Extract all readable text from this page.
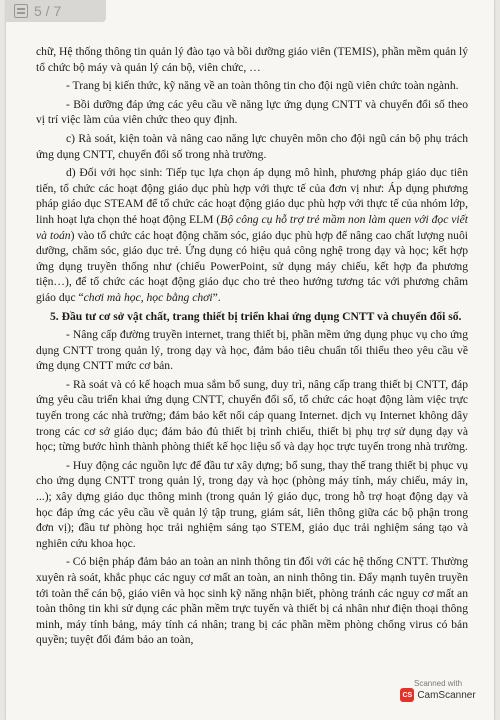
5 / 7

chữ, Hệ thống thông tin quản lý đào tạo và bồi dưỡng giáo viên (TEMIS), phần mềm quản lý tổ chức bộ máy và quản lý cán bộ, viên chức, …

- Trang bị kiến thức, kỹ năng về an toàn thông tin cho đội ngũ viên chức toàn ngành.

- Bồi dưỡng đáp ứng các yêu cầu về năng lực ứng dụng CNTT và chuyển đổi số theo vị trí việc làm của viên chức theo quy định.

c) Rà soát, kiện toàn và nâng cao năng lực chuyên môn cho đội ngũ cán bộ phụ trách ứng dụng CNTT, chuyển đổi số trong nhà trường.

d) Đối với học sinh: Tiếp tục lựa chọn áp dụng mô hình, phương pháp giáo dục tiên tiến, tổ chức các hoạt động giáo dục phù hợp với thực tế của đơn vị như: Áp dụng phương pháp giáo dục STEAM để tổ chức các hoạt động giáo dục phù hợp với thực tế của nhóm lớp, linh hoạt lựa chọn thẻ hoạt động ELM (Bộ công cụ hỗ trợ trẻ mầm non làm quen với đọc viết và toán) vào tổ chức các hoạt động chăm sóc, giáo dục phù hợp để nâng cao chất lượng nuôi dưỡng, chăm sóc, giáo dục trẻ. Ứng dụng có hiệu quả công nghệ trong dạy và học; kết hợp ứng dụng truyền thống như (chiếu PowerPoint, sử dụng máy chiếu, kết hợp đa phương tiện…), để tổ chức các hoạt động giáo dục cho trẻ theo hướng tương tác với phương châm giáo dục “chơi mà học, học bằng chơi”.

5. Đầu tư cơ sở vật chất, trang thiết bị triển khai ứng dụng CNTT và chuyển đổi số.

- Nâng cấp đường truyền internet, trang thiết bị, phần mềm ứng dụng phục vụ cho ứng dụng CNTT trong quản lý, trong dạy và học, đảm bảo tiêu chuẩn tối thiểu theo yêu cầu về ứng dụng CNTT mức cơ bản.

- Rà soát và có kế hoạch mua sắm bổ sung, duy trì, nâng cấp trang thiết bị CNTT, đáp ứng yêu cầu triển khai ứng dụng CNTT, chuyển đổi số, tổ chức các hoạt động làm việc trực tuyến trong các nhà trường; đảm bảo kết nối cáp quang Internet. dịch vụ Internet không dây trong các cơ sở giáo dục; đảm bảo đủ thiết bị trình chiếu, thiết bị phụ trợ sử dụng dạy và học; từng bước hình thành phòng thiết kế học liệu số và dạy học trực tuyến trong nhà trường.

- Huy động các nguồn lực để đầu tư xây dựng; bổ sung, thay thế trang thiết bị phục vụ cho ứng dụng CNTT trong quản lý, trong dạy và học (phòng máy tính, máy chiếu, máy in, ...); xây dựng giáo dục thông minh (trong quản lý giáo dục, trong hỗ trợ hoạt động dạy và học đáp ứng các yêu cầu về quản lý tập trung, giám sát, liên thông giữa các bộ phận trong đơn vị); đầu tư phòng học trải nghiệm sáng tạo STEM, giáo dục trải nghiệm sáng tạo và nghiên cứu khoa học.

- Có biện pháp đảm bảo an toàn an ninh thông tin đối với các hệ thống CNTT. Thường xuyên rà soát, khắc phục các nguy cơ mất an toàn, an ninh thông tin. Đẩy mạnh tuyên truyền tới toàn thể cán bộ, giáo viên và học sinh kỹ năng nhận biết, phòng tránh các nguy cơ mất an toàn thông tin khi sử dụng các phần mềm trực tuyến và thiết bị cá nhân như điện thoại thông minh, máy tính bảng, máy tính cá nhân; trang bị các phần mềm phòng chống virus có bản quyền; tuyệt đối đảm bảo an toàn,

Scanned with
CS CamScanner
